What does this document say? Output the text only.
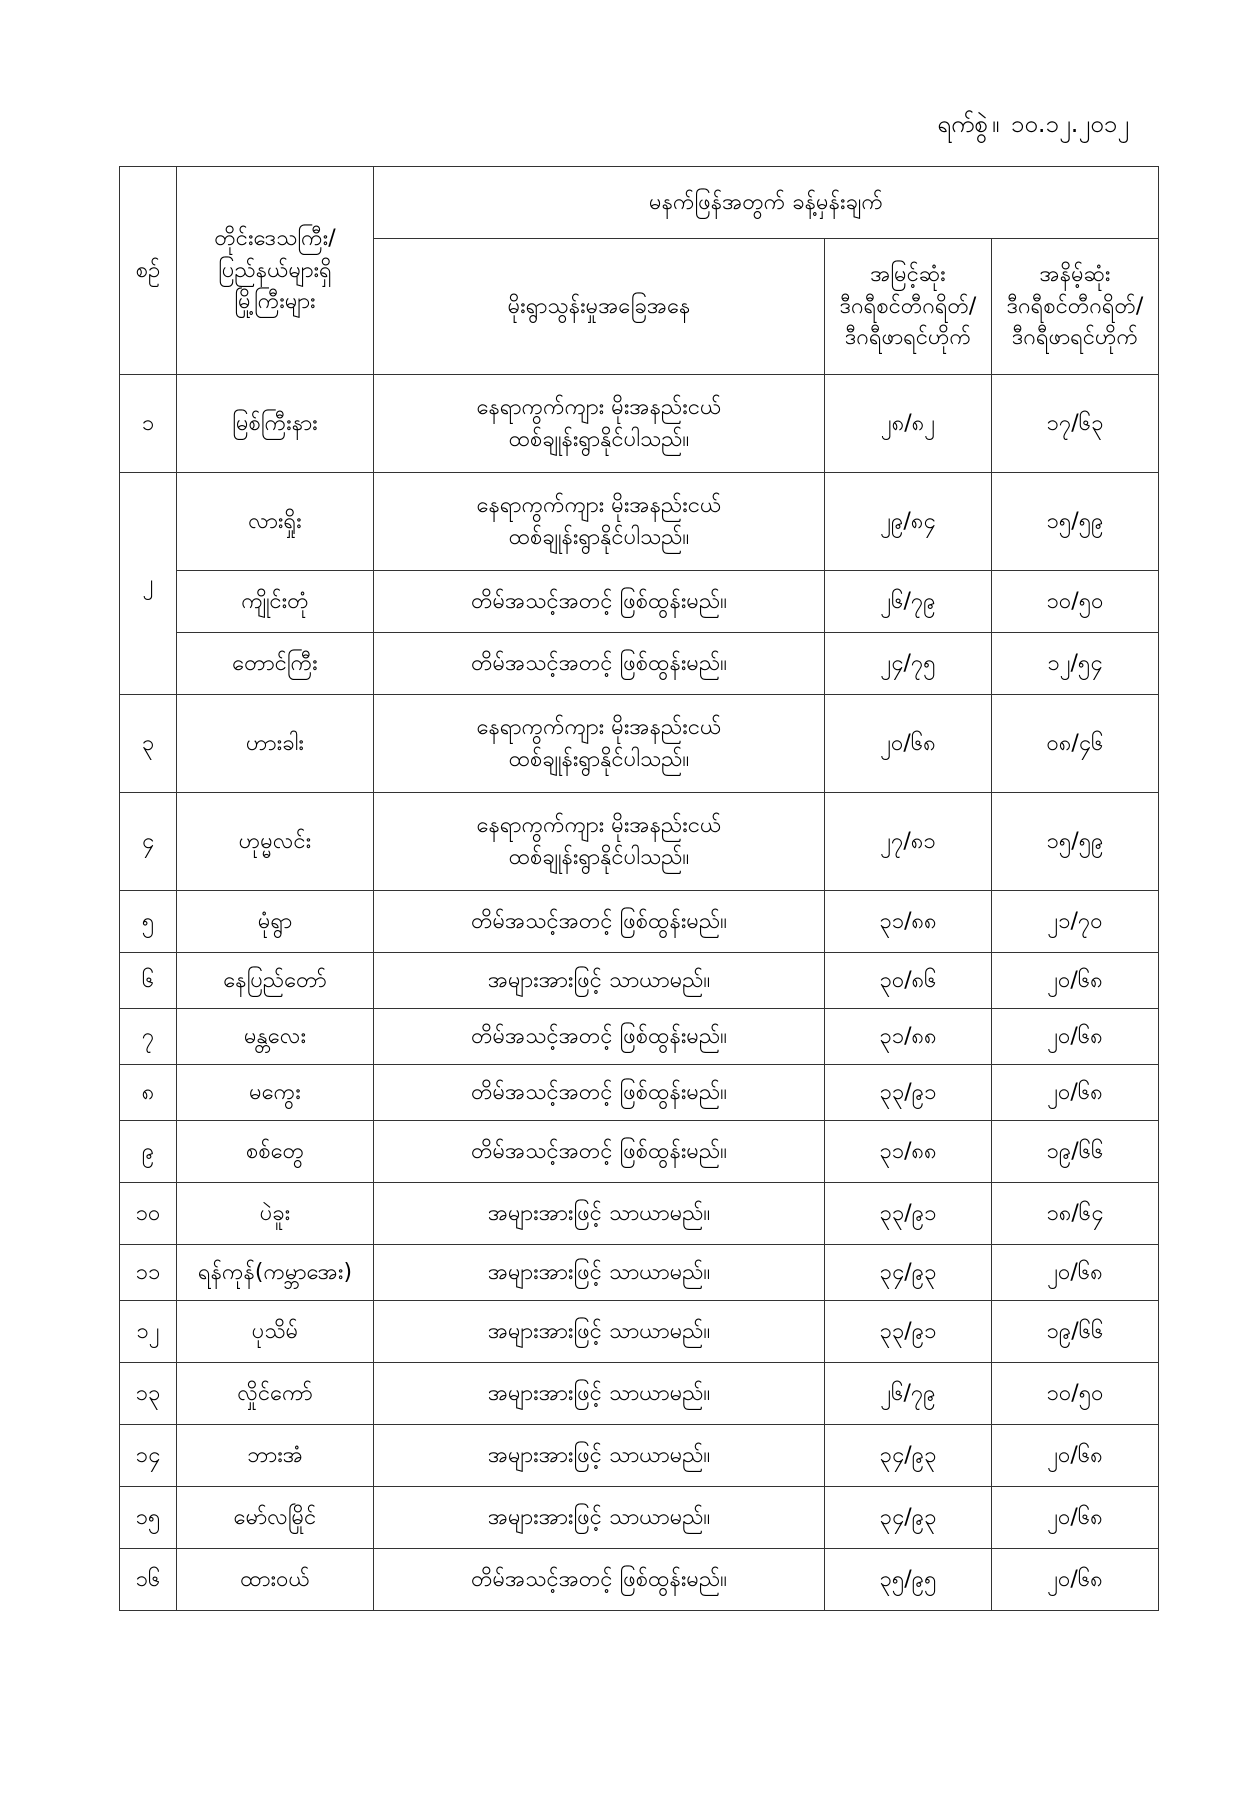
ရက်စွဲ ။ ၁၀.၁၂.၂၀၁၂
စဉ်	တိုင်းဒေသကြီး/
ပြည်နယ်များရှိ
မြို့ကြီးများ	မနက်ဖြန်အတွက် ခန့်မှန်းချက်		
		မိုးရွာသွန်းမှုအခြေအနေ	အမြင့်ဆုံး
ဒီဂရီစင်တီဂရိတ်/
ဒီဂရီဖာရင်ဟိုက်	အနိမ့်ဆုံး
ဒီဂရီစင်တီဂရိတ်/
ဒီဂရီဖာရင်ဟိုက်

၁	မြစ်ကြီးနား	နေရာကွက်ကျား မိုးအနည်းငယ်
ထစ်ချုန်းရွာနိုင်ပါသည်။	၂၈/၈၂	၁၇/၆၃
၂	လားရှိုး	နေရာကွက်ကျား မိုးအနည်းငယ်
ထစ်ချုန်းရွာနိုင်ပါသည်။	၂၉/၈၄	၁၅/၅၉
	ကျိုင်းတုံ	တိမ်အသင့်အတင့် ဖြစ်ထွန်းမည်။	၂၆/၇၉	၁၀/၅၀
	တောင်ကြီး	တိမ်အသင့်အတင့် ဖြစ်ထွန်းမည်။	၂၄/၇၅	၁၂/၅၄
၃	ဟားခါး	နေရာကွက်ကျား မိုးအနည်းငယ်
ထစ်ချုန်းရွာနိုင်ပါသည်။	၂၀/၆၈	၀၈/၄၆
၄	ဟုမ္မလင်း	နေရာကွက်ကျား မိုးအနည်းငယ်
ထစ်ချုန်းရွာနိုင်ပါသည်။	၂၇/၈၁	၁၅/၅၉
၅	မုံရွာ	တိမ်အသင့်အတင့် ဖြစ်ထွန်းမည်။	၃၁/၈၈	၂၁/၇၀
၆	နေပြည်တော်	အများအားဖြင့် သာယာမည်။	၃၀/၈၆	၂၀/၆၈
၇	မန္တလေး	တိမ်အသင့်အတင့် ဖြစ်ထွန်းမည်။	၃၁/၈၈	၂၀/၆၈
၈	မကွေး	တိမ်အသင့်အတင့် ဖြစ်ထွန်းမည်။	၃၃/၉၁	၂၀/၆၈
၉	စစ်တွေ	တိမ်အသင့်အတင့် ဖြစ်ထွန်းမည်။	၃၁/၈၈	၁၉/၆၆
၁၀	ပဲခူး	အများအားဖြင့် သာယာမည်။	၃၃/၉၁	၁၈/၆၄
၁၁	ရန်ကုန်(ကမ္ဘာအေး)	အများအားဖြင့် သာယာမည်။	၃၄/၉၃	၂၀/၆၈
၁၂	ပုသိမ်	အများအားဖြင့် သာယာမည်။	၃၃/၉၁	၁၉/၆၆
၁၃	လှိုင်ကော်	အများအားဖြင့် သာယာမည်။	၂၆/၇၉	၁၀/၅၀
၁၄	ဘားအံ	အများအားဖြင့် သာယာမည်။	၃၄/၉၃	၂၀/၆၈
၁၅	မော်လမြိုင်	အများအားဖြင့် သာယာမည်။	၃၄/၉၃	၂၀/၆၈
၁၆	ထားဝယ်	တိမ်အသင့်အတင့် ဖြစ်ထွန်းမည်။	၃၅/၉၅	၂၀/၆၈
